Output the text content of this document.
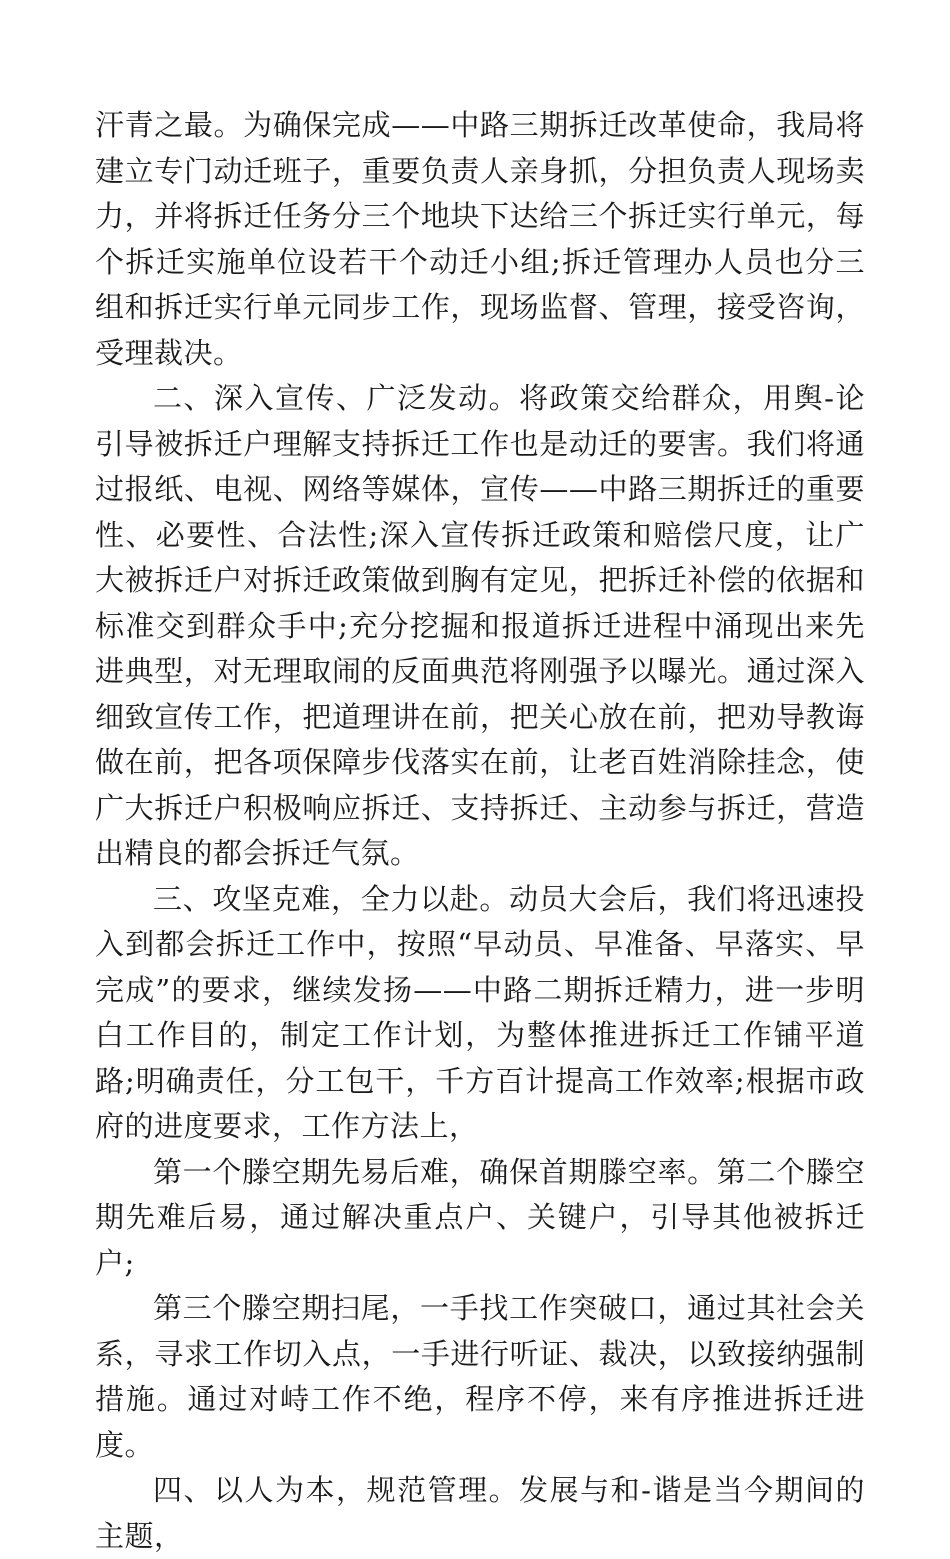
汗青之最。为确保完成——中路三期拆迁改革使命，我局将建立专门动迁班子，重要负责人亲身抓，分担负责人现场卖力，并将拆迁任务分三个地块下达给三个拆迁实行单元，每个拆迁实施单位设若干个动迁小组;拆迁管理办人员也分三组和拆迁实行单元同步工作，现场监督、管理，接受咨询，受理裁决。

二、深入宣传、广泛发动。将政策交给群众，用舆-论引导被拆迁户理解支持拆迁工作也是动迁的要害。我们将通过报纸、电视、网络等媒体，宣传——中路三期拆迁的重要性、必要性、合法性;深入宣传拆迁政策和赔偿尺度，让广大被拆迁户对拆迁政策做到胸有定见，把拆迁补偿的依据和标准交到群众手中;充分挖掘和报道拆迁进程中涌现出来先进典型，对无理取闹的反面典范将刚强予以曝光。通过深入细致宣传工作，把道理讲在前，把关心放在前，把劝导教诲做在前，把各项保障步伐落实在前，让老百姓消除挂念，使广大拆迁户积极响应拆迁、支持拆迁、主动参与拆迁，营造出精良的都会拆迁气氛。

三、攻坚克难，全力以赴。动员大会后，我们将迅速投入到都会拆迁工作中，按照“早动员、早准备、早落实、早完成”的要求，继续发扬——中路二期拆迁精力，进一步明白工作目的，制定工作计划，为整体推进拆迁工作铺平道路;明确责任，分工包干，千方百计提高工作效率;根据市政府的进度要求，工作方法上，

第一个滕空期先易后难，确保首期滕空率。第二个滕空期先难后易，通过解决重点户、关键户，引导其他被拆迁户;

第三个滕空期扫尾，一手找工作突破口，通过其社会关系，寻求工作切入点，一手进行听证、裁决，以致接纳强制措施。通过对峙工作不绝，程序不停，来有序推进拆迁进度。

四、以人为本，规范管理。发展与和-谐是当今期间的主题，
